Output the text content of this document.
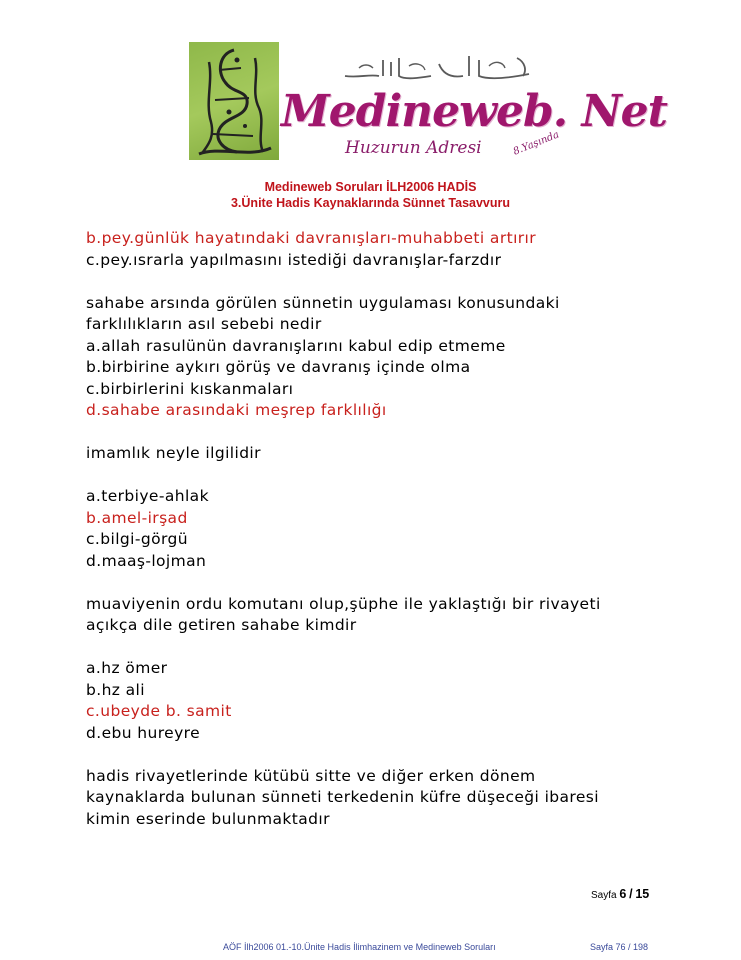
Medineweb. Net
Huzurun Adresi	8.Yaşında
Medineweb Soruları İLH2006 HADİS
3.Ünite Hadis Kaynaklarında Sünnet Tasavvuru
b.pey.günlük hayatındaki davranışları-muhabbeti artırır
c.pey.ısrarla yapılmasını istediği davranışlar-farzdır
sahabe arsında görülen sünnetin uygulaması konusundaki
farklılıkların asıl sebebi nedir
a.allah rasulünün davranışlarını kabul edip etmeme
b.birbirine aykırı görüş ve davranış içinde olma
c.birbirlerini kıskanmaları
d.sahabe arasındaki meşrep farklılığı
imamlık neyle ilgilidir
a.terbiye-ahlak
b.amel-irşad
c.bilgi-görgü
d.maaş-lojman
muaviyenin ordu komutanı olup,şüphe ile yaklaştığı bir rivayeti
açıkça dile getiren sahabe kimdir
a.hz ömer
b.hz ali
c.ubeyde b. samit
d.ebu hureyre
hadis rivayetlerinde kütübü sitte ve diğer erken dönem
kaynaklarda bulunan sünneti terkedenin küfre düşeceği ibaresi
kimin eserinde bulunmaktadır
Sayfa 6 / 15
AÖF İlh2006 01.-10.Ünite Hadis İlimhazinem ve Medineweb Soruları	Sayfa 76 / 198
